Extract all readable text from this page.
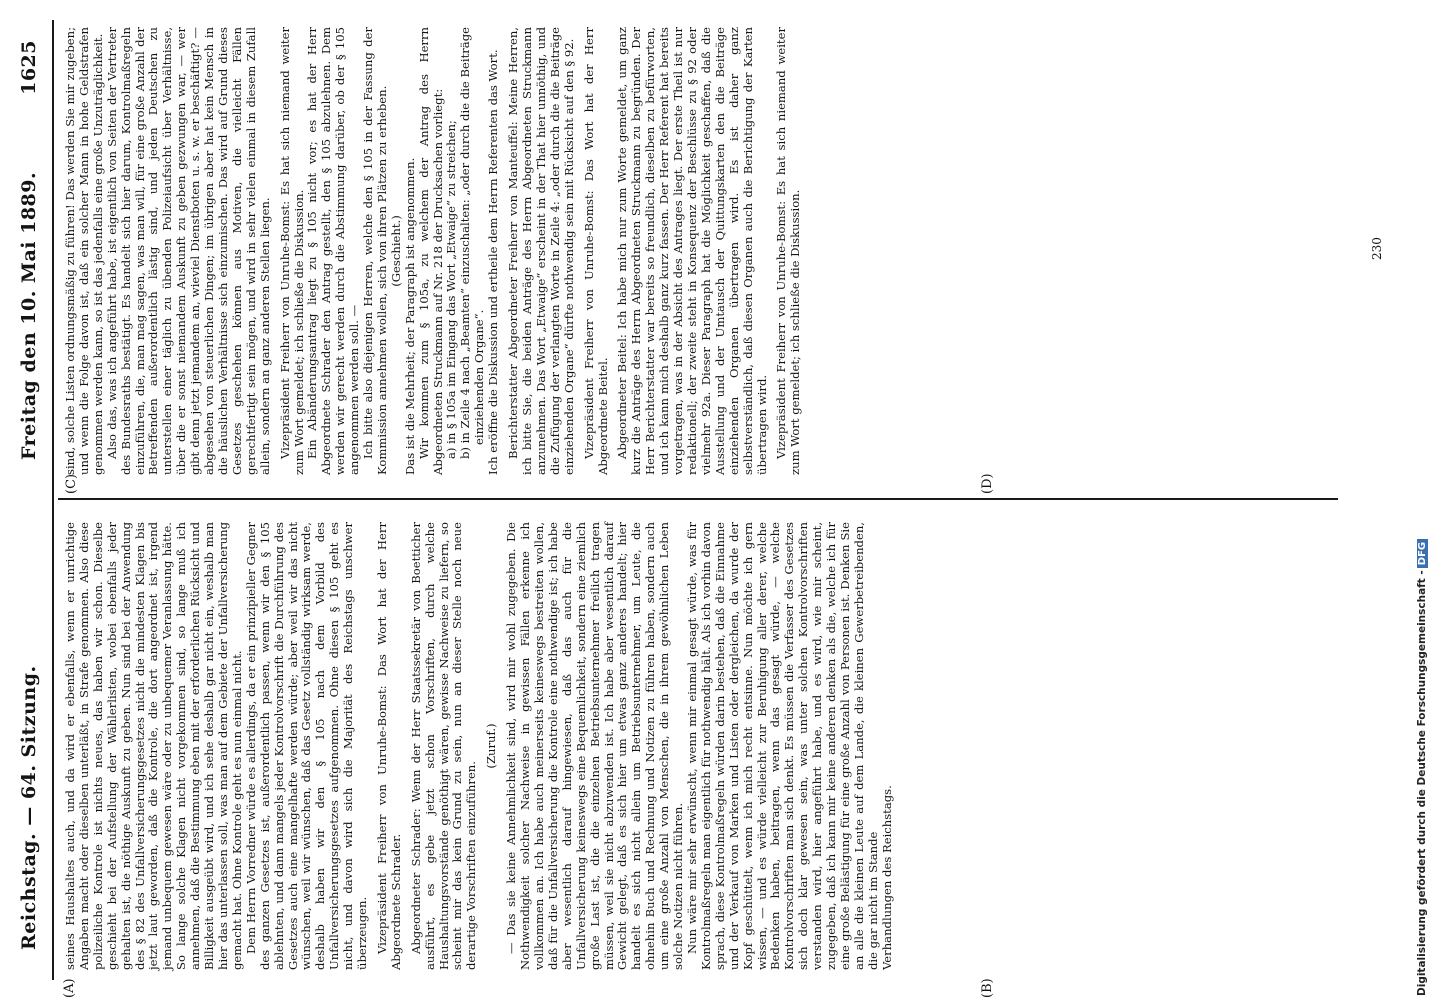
Reichstag. — 64. Sitzung.
Freitag den 10. Mai 1889.
1625
(A)
(C)
(B)
(D)

seines Haushaltes auch, und da wird er ebenfalls, wenn er unrichtige Angaben macht oder dieselben unterläßt, in Strafe genommen. Also diese polizeiliche Kontrole ist nichts neues, das haben wir schon. Dieselbe geschieht bei der Aufstellung der Wählerlisten, wobei ebenfalls jeder gehalten ist, die nöthige Auskunft zu geben. Nun sind bei der Anwendung des § 82 des Unfallversicherungsgesetzes nicht die mindesten Klagen bis jetzt laut geworden, daß die Kontrole, die dort angeordnet ist, irgend jemand unbequem gewesen wäre oder zu unbequemer Veranlassung hätte. So lange solche Klagen nicht vorgekommen sind, so lange muß ich annehmen, daß die Bestimmung eben mit der erforderlichen Rücksicht und Billigkeit ausgeübt wird, und ich sehe deshalb gar nicht ein, weshalb man hier das unterlassen soll, was man auf dem Gebiete der Unfallversicherung gemacht hat. Ohne Kontrole geht es nun einmal nicht. Dem Herrn Vorredner würde es allerdings, da er ein prinzipieller Gegner des ganzen Gesetzes ist, außerordentlich passen, wenn wir den § 105 ablehnten, und dann mangels jeder Kontrolvorschrift die Durchführung des Gesetzes auch eine mangelhafte werden würde; aber weil wir das nicht wünschen, weil wir wünschen, daß das Gesetz vollständig wirksam werde, deshalb haben wir den § 105 nach dem Vorbild des Unfallversicherungsgesetzes aufgenommen. Ohne diesen § 105 geht es nicht, und davon wird sich die Majorität des Reichstags unschwer überzeugen. Vizepräsident Freiherr von Unruhe-Bomst: Das Wort hat der Herr Abgeordnete Schrader. Abgeordneter Schrader: Wenn der Herr Staatssekretär von Boetticher ausführt, es gebe jetzt schon Vorschriften, durch welche Haushaltungsvorstände genöthigt wären, gewisse Nachweise zu liefern, so scheint mir das kein Grund zu sein, nun an dieser Stelle noch neue derartige Vorschriften einzuführen.

(Zuruf.) — Das sie keine Annehmlichkeit sind, wird mir wohl zugegeben. Die Nothwendigkeit solcher Nachweise in gewissen Fällen erkenne ich vollkommen an. Ich habe auch meinerseits keineswegs bestreiten wollen, daß für die Unfallversicherung die Kontrole eine nothwendige ist; ich habe aber wesentlich darauf hingewiesen, daß das auch für die Unfallversicherung keineswegs eine Bequemlichkeit, sondern eine ziemlich große Last ist, die die einzelnen Betriebsunternehmer freilich tragen müssen, weil sie nicht abzuwenden ist. Ich habe aber wesentlich darauf Gewicht gelegt, daß es sich hier um etwas ganz anderes handelt; hier handelt es sich nicht allein um Betriebsunternehmer, um Leute, die ohnehin Buch und Rechnung und Notizen zu führen haben, sondern auch um eine große Anzahl von Menschen, die in ihrem gewöhnlichen Leben solche Notizen nicht führen. Nun wäre mir sehr erwünscht, wenn mir einmal gesagt würde, was für Kontrolmaßregeln man eigentlich für nothwendig hält. Als ich vorhin davon sprach, diese Kontrolmaßregeln würden darin bestehen, daß die Einnahme und der Verkauf von Marken und Listen oder dergleichen, da wurde der Kopf geschüttelt, wenn ich mich recht entsinne. Nun möchte ich gern wissen, — und es würde vielleicht zur Beruhigung aller derer, welche Bedenken haben, beitragen, wenn das gesagt würde, — welche Kontrolvorschriften man sich denkt. Es müssen die Verfasser des Gesetzes sich doch klar gewesen sein, was unter solchen Kontrolvorschriften verstanden wird, hier angeführt habe, und es wird, wie mir scheint, zugegeben, daß ich kann mir keine anderen denken als die, welche ich für eine große Belästigung für eine große Anzahl von Personen ist. Denken Sie an alle die kleinen Leute auf dem Lande, die kleinen Gewerbetreibenden, die gar nicht im Stande Verhandlungen des Reichstags.

sind, solche Listen ordnungsmäßig zu führen! Das werden Sie mir zugeben; und wenn die Folge davon ist, daß ein solcher Mann in hohe Geldstrafen genommen werden kann, so ist das jedenfalls eine große Unzuträglichkeit. Also das, was ich angeführt habe, ist eigentlich von Seiten der Vertreter des Bundesraths bestätigt. Es handelt sich hier darum, Kontrolmaßregeln einzuführen, die, man mag sagen, was man will, für eine große Anzahl der Betreffenden außerordentlich lästig sind, und jeden Deutschen zu unterstellen einer täglich zu übenden Polizeiaufsicht über Verhältnisse, über die er sonst niemandem Auskunft zu geben gezwungen war, — wer gibt denn jetzt jemandem an, wieviel Dienstboten u. s. w. er beschäftigt? — abgesehen von steuerlichen Dingen; im übrigen aber hat kein Mensch in die häuslichen Verhältnisse sich einzumischen. Das wird auf Grund dieses Gesetzes geschehen können aus Motiven, die vielleicht Fällen gerechtfertigt sein mögen, und wird in sehr vielen einmal in diesem Zufall allein, sondern an ganz anderen Stellen liegen. Vizepräsident Freiherr von Unruhe-Bomst: Es hat sich niemand weiter zum Wort gemeldet; ich schließe die Diskussion. Ein Abänderungsantrag liegt zu § 105 nicht vor; es hat der Herr Abgeordnete Schrader den Antrag gestellt, den § 105 abzulehnen. Dem werden wir gerecht werden durch die Abstimmung darüber, ob der § 105 angenommen werden soll. — Ich bitte also diejenigen Herren, welche den § 105 in der Fassung der Kommission annehmen wollen, sich von ihren Plätzen zu erheben. (Geschieht.) Das ist die Mehrheit; der Paragraph ist angenommen. Wir kommen zum § 105a, zu welchem der Antrag des Herrn Abgeordneten Struckmann auf Nr. 218 der Drucksachen vorliegt: a) in § 105a im Eingang das Wort „Etwaige“ zu streichen; b) in Zeile 4 nach „Beamten“ einzuschalten: „oder durch die die Beiträge einziehenden Organe“. Ich eröffne die Diskussion und ertheile dem Herrn Referenten das Wort. Berichterstatter Abgeordneter Freiherr von Manteuffel: Meine Herren, ich bitte Sie, die beiden Anträge des Herrn Abgeordneten Struckmann anzunehmen. Das Wort „Etwaige“ erscheint in der That hier unnöthig, und die Zufügung der verlangten Worte in Zeile 4: „oder durch die die Beiträge einziehenden Organe“ dürfte nothwendig sein mit Rücksicht auf den § 92. Vizepräsident Freiherr von Unruhe-Bomst: Das Wort hat der Herr Abgeordnete Beitel. Abgeordneter Beitel: Ich habe mich nur zum Worte gemeldet, um ganz kurz die Anträge des Herrn Abgeordneten Struckmann zu begründen. Der Herr Berichterstatter war bereits so freundlich, dieselben zu befürworten, und ich kann mich deshalb ganz kurz fassen. Der Herr Referent hat bereits vorgetragen, was in der Absicht des Antrages liegt. Der erste Theil ist nur redaktionell; der zweite steht in Konsequenz der Beschlüsse zu § 92 oder vielmehr 92a. Dieser Paragraph hat die Möglichkeit geschaffen, daß die Ausstellung und der Umtausch der Quittungskarten den die Beiträge einziehenden Organen übertragen wird. Es ist daher ganz selbstverständlich, daß diesen Organen auch die Berichtigung der Karten übertragen wird. Vizepräsident Freiherr von Unruhe-Bomst: Es hat sich niemand weiter zum Wort gemeldet; ich schließe die Diskussion.	230
Digitalisierung gefördert durch die Deutsche Forschungsgemeinschaft -DFG
